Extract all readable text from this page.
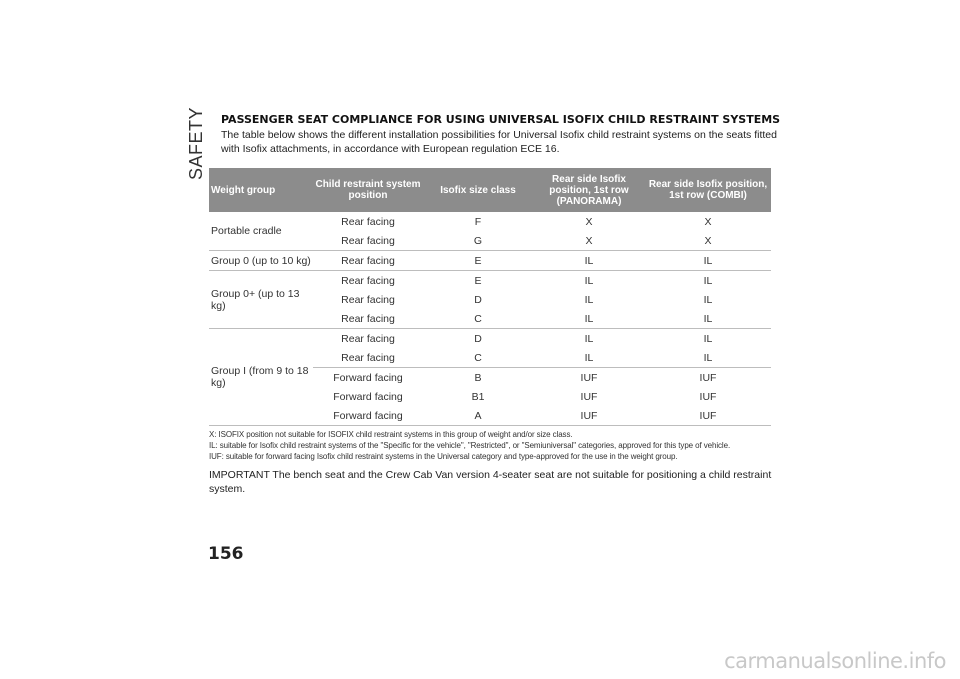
SAFETY PASSENGER SEAT COMPLIANCE FOR USING UNIVERSAL ISOFIX CHILD RESTRAINT SYSTEMS

The table below shows the different installation possibilities for Universal Isofix child restraint systems on the seats fitted with Isofix attachments, in accordance with European regulation ECE 16.

Weight group	Child restraint system position	Isofix size class	Rear side Isofix position, 1st row (PANORAMA)	Rear side Isofix position, 1st row (COMBI)
Portable cradle	Rear facing	F	X	X
	Rear facing	G	X	X
Group 0 (up to 10 kg)	Rear facing	E	IL	IL
Group 0+ (up to 13 kg)	Rear facing	E	IL	IL
	Rear facing	D	IL	IL
	Rear facing	C	IL	IL
Group I (from 9 to 18 kg)	Rear facing	D	IL	IL
	Rear facing	C	IL	IL
	Forward facing	B	IUF	IUF
	Forward facing	B1	IUF	IUF
	Forward facing	A	IUF	IUF

X: ISOFIX position not suitable for ISOFIX child restraint systems in this group of weight and/or size class.

IL: suitable for Isofix child restraint systems of the "Specific for the vehicle", "Restricted", or "Semiuniversal" categories, approved for this type of vehicle.

IUF: suitable for forward facing Isofix child restraint systems in the Universal category and type-approved for the use in the weight group.

IMPORTANT The bench seat and the Crew Cab Van version 4-seater seat are not suitable for positioning a child restraint system.

156
carmanualsonline.info
